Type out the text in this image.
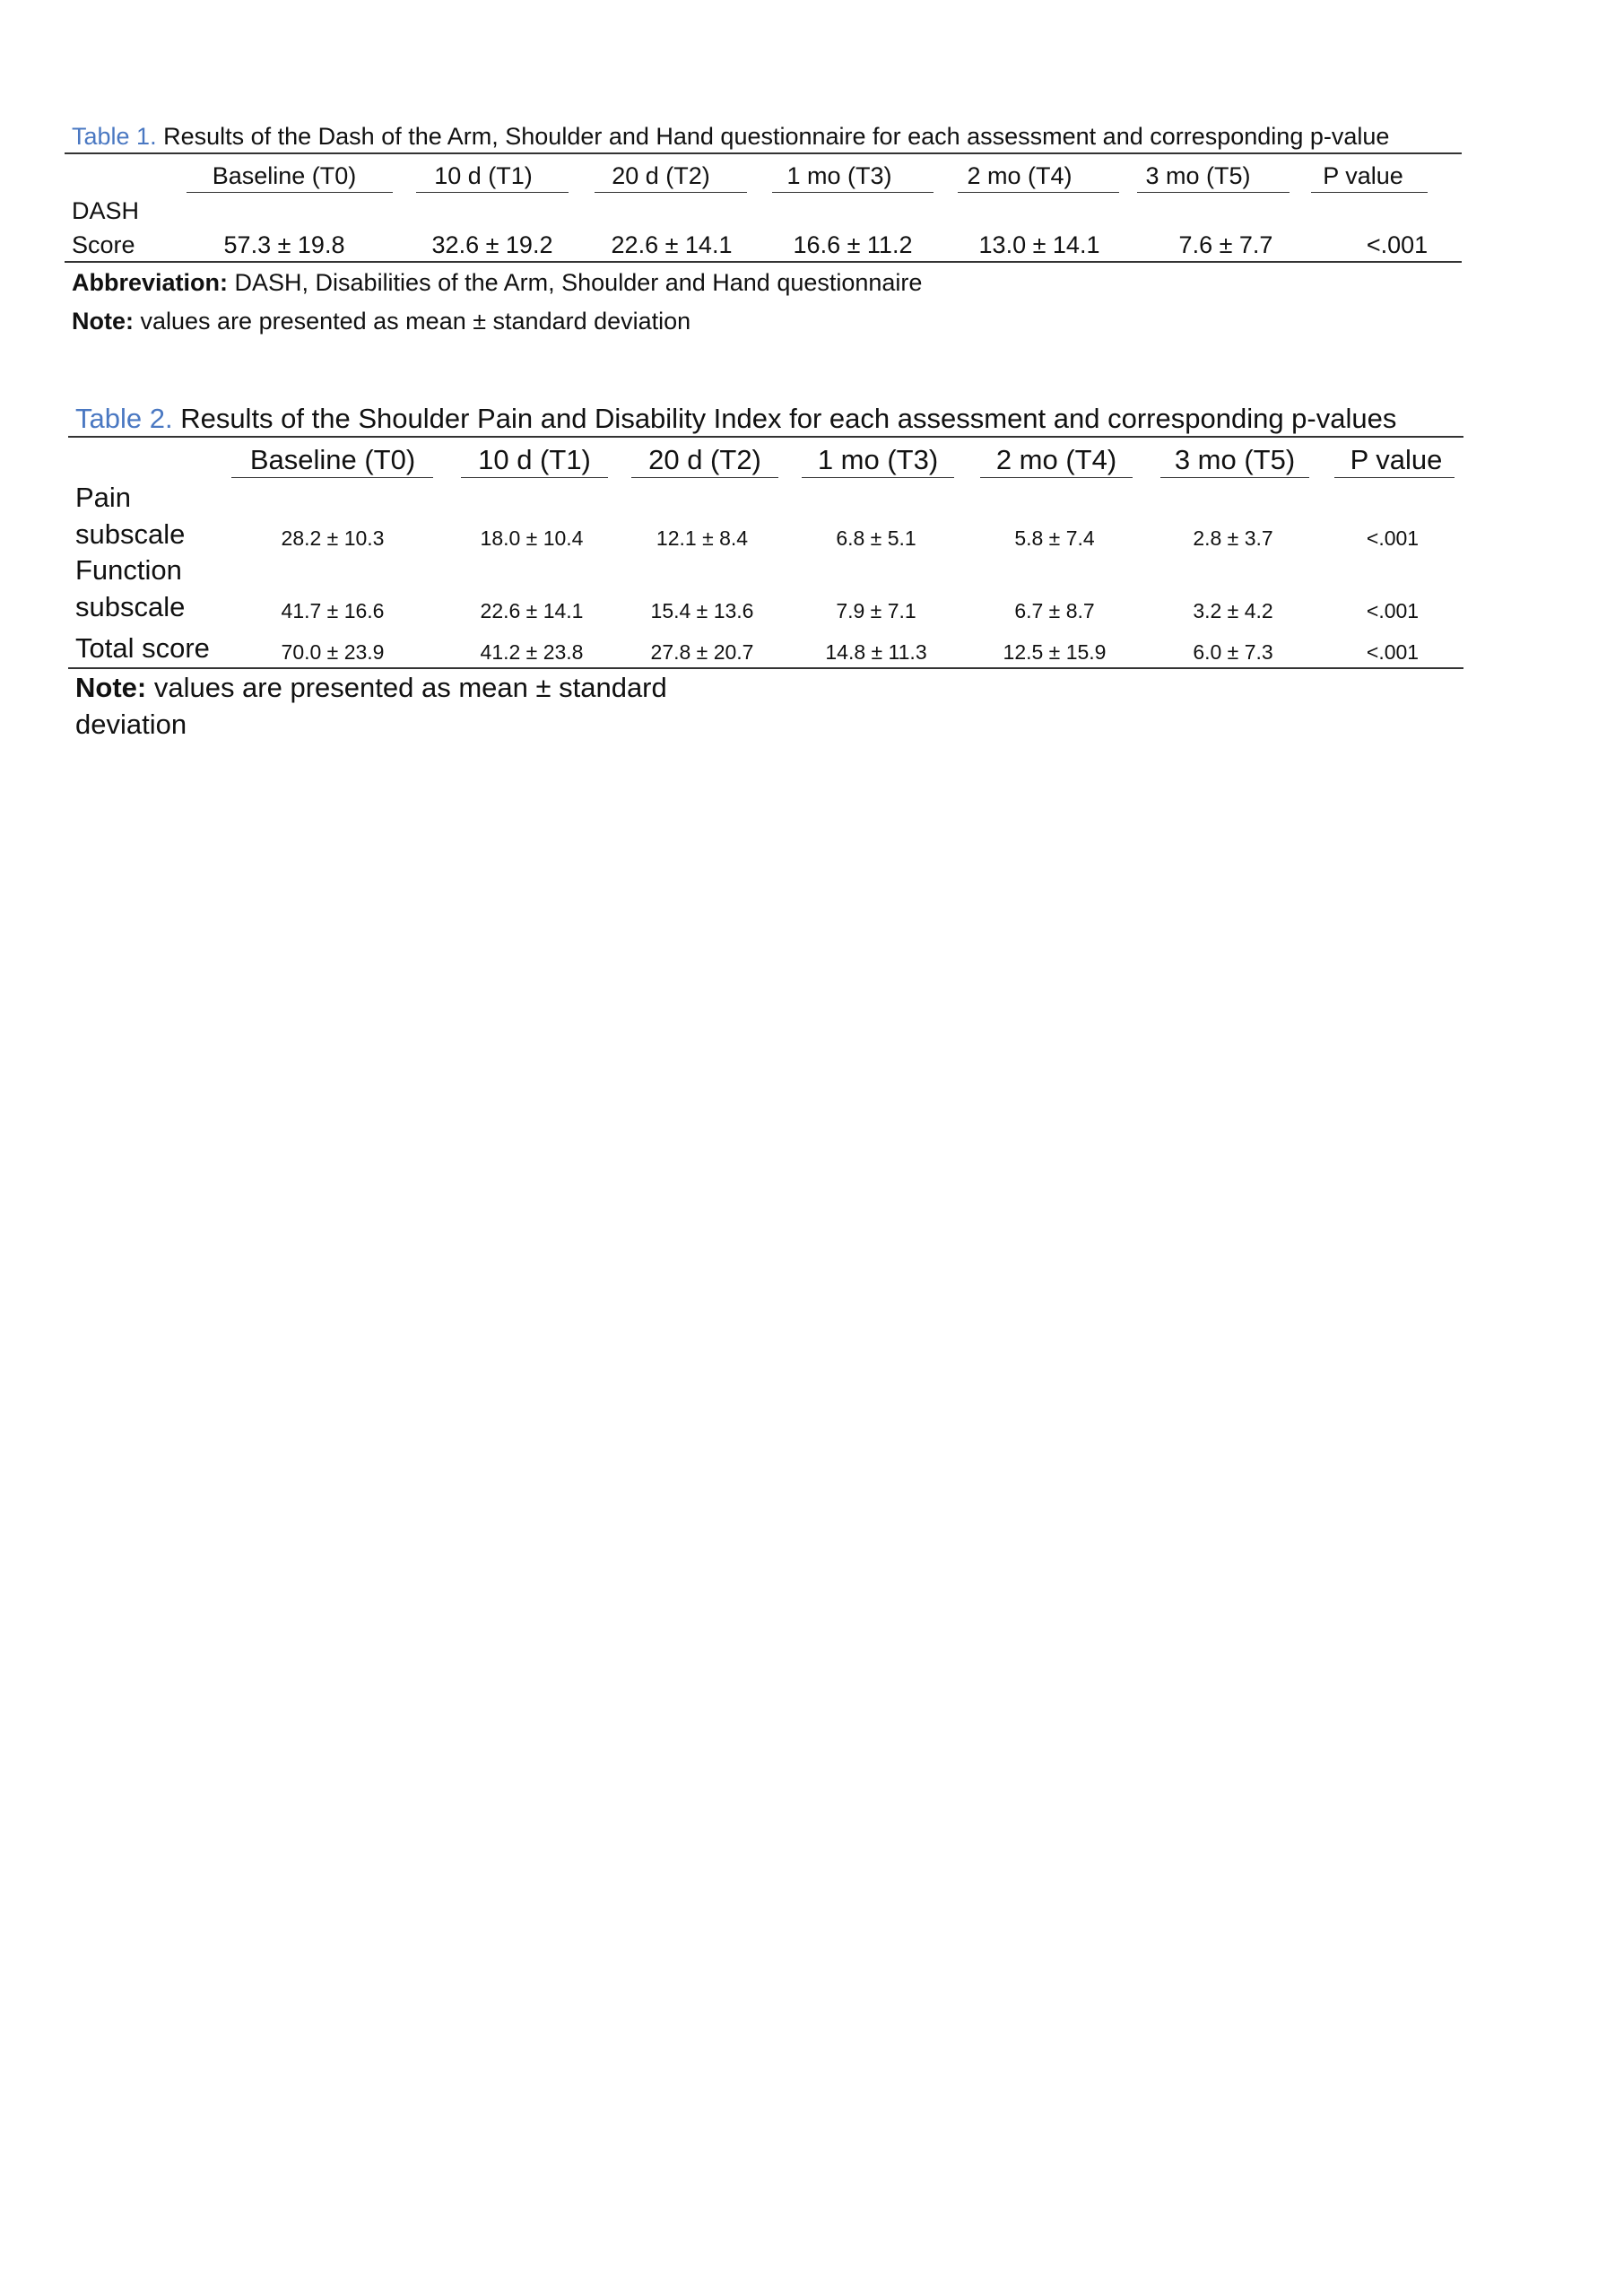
Table 1. Results of the Dash of the Arm, Shoulder and Hand questionnaire for each assessment and corresponding p-value
Baseline (T0)	10 d (T1)	20 d (T2)	1 mo (T3)	2 mo (T4)	3 mo (T5)	P value
DASH
Score	57.3 ± 19.8	32.6 ± 19.2 22.6 ± 14.1	16.6 ± 11.2	13.0 ± 14.1	7.6 ± 7.7	<.001
Abbreviation: DASH, Disabilities of the Arm, Shoulder and Hand questionnaire
Note: values are presented as mean ± standard deviation
Table 2. Results of the Shoulder Pain and Disability Index for each assessment and corresponding p-values
Baseline (T0) 10 d (T1) 20 d (T2) 1 mo (T3) 2 mo (T4) 3 mo (T5) P value
Pain
subscale	28.2 ± 10.3	18.0 ± 10.4	12.1 ± 8.4	6.8 ± 5.1	5.8 ± 7.4	2.8 ± 3.7	<.001
Function
subscale	41.7 ± 16.6	22.6 ± 14.1	15.4 ± 13.6	7.9 ± 7.1	6.7 ± 8.7	3.2 ± 4.2	<.001
Total score	70.0 ± 23.9	41.2 ± 23.8	27.8 ± 20.7	14.8 ± 11.3	12.5 ± 15.9	6.0 ± 7.3	<.001
Note: values are presented as mean ± standard
deviation
